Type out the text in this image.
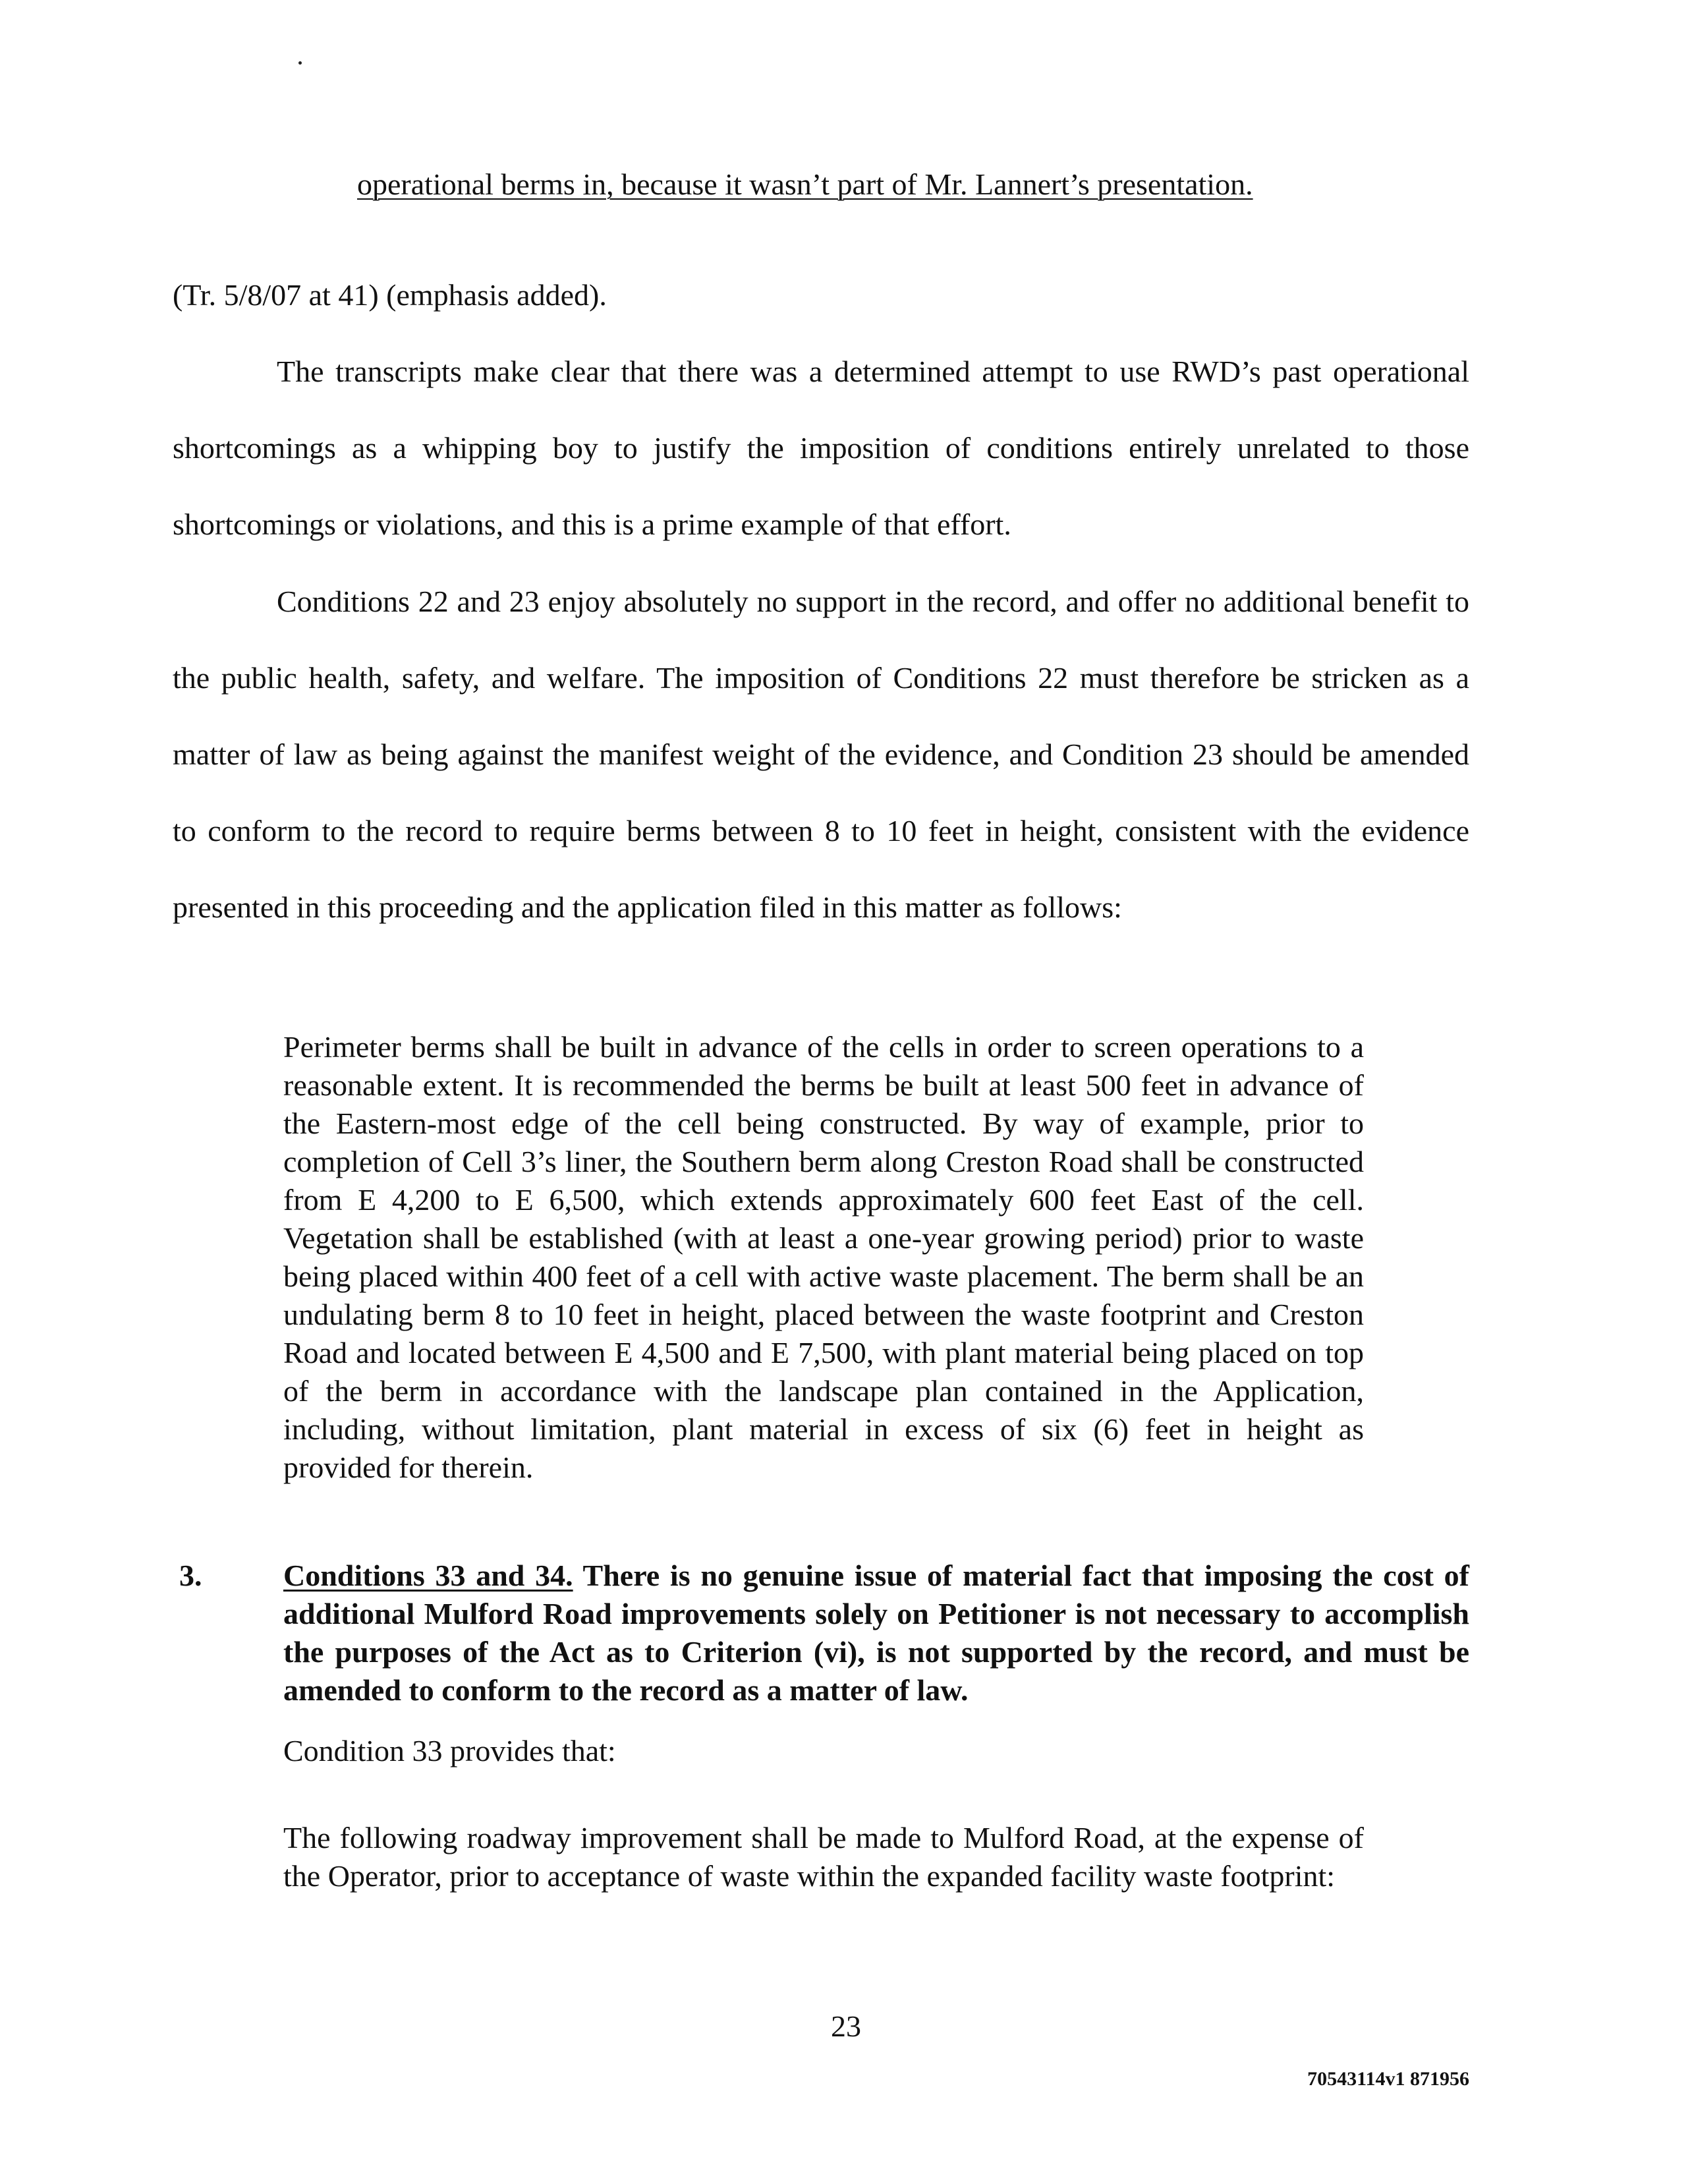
operational berms in, because it wasn’t part of Mr. Lannert’s presentation.
(Tr. 5/8/07 at 41) (emphasis added).
The transcripts make clear that there was a determined attempt to use RWD’s past operational shortcomings as a whipping boy to justify the imposition of conditions entirely unrelated to those shortcomings or violations, and this is a prime example of that effort.
Conditions 22 and 23 enjoy absolutely no support in the record, and offer no additional benefit to the public health, safety, and welfare. The imposition of Conditions 22 must therefore be stricken as a matter of law as being against the manifest weight of the evidence, and Condition 23 should be amended to conform to the record to require berms between 8 to 10 feet in height, consistent with the evidence presented in this proceeding and the application filed in this matter as follows:
Perimeter berms shall be built in advance of the cells in order to screen operations to a reasonable extent. It is recommended the berms be built at least 500 feet in advance of the Eastern-most edge of the cell being constructed. By way of example, prior to completion of Cell 3’s liner, the Southern berm along Creston Road shall be constructed from E 4,200 to E 6,500, which extends approximately 600 feet East of the cell. Vegetation shall be established (with at least a one-year growing period) prior to waste being placed within 400 feet of a cell with active waste placement. The berm shall be an undulating berm 8 to 10 feet in height, placed between the waste footprint and Creston Road and located between E 4,500 and E 7,500, with plant material being placed on top of the berm in accordance with the landscape plan contained in the Application, including, without limitation, plant material in excess of six (6) feet in height as provided for therein.
3.	Conditions 33 and 34. There is no genuine issue of material fact that imposing the cost of additional Mulford Road improvements solely on Petitioner is not necessary to accomplish the purposes of the Act as to Criterion (vi), is not supported by the record, and must be amended to conform to the record as a matter of law.
Condition 33 provides that:
The following roadway improvement shall be made to Mulford Road, at the expense of the Operator, prior to acceptance of waste within the expanded facility waste footprint:
23
70543114v1 871956
